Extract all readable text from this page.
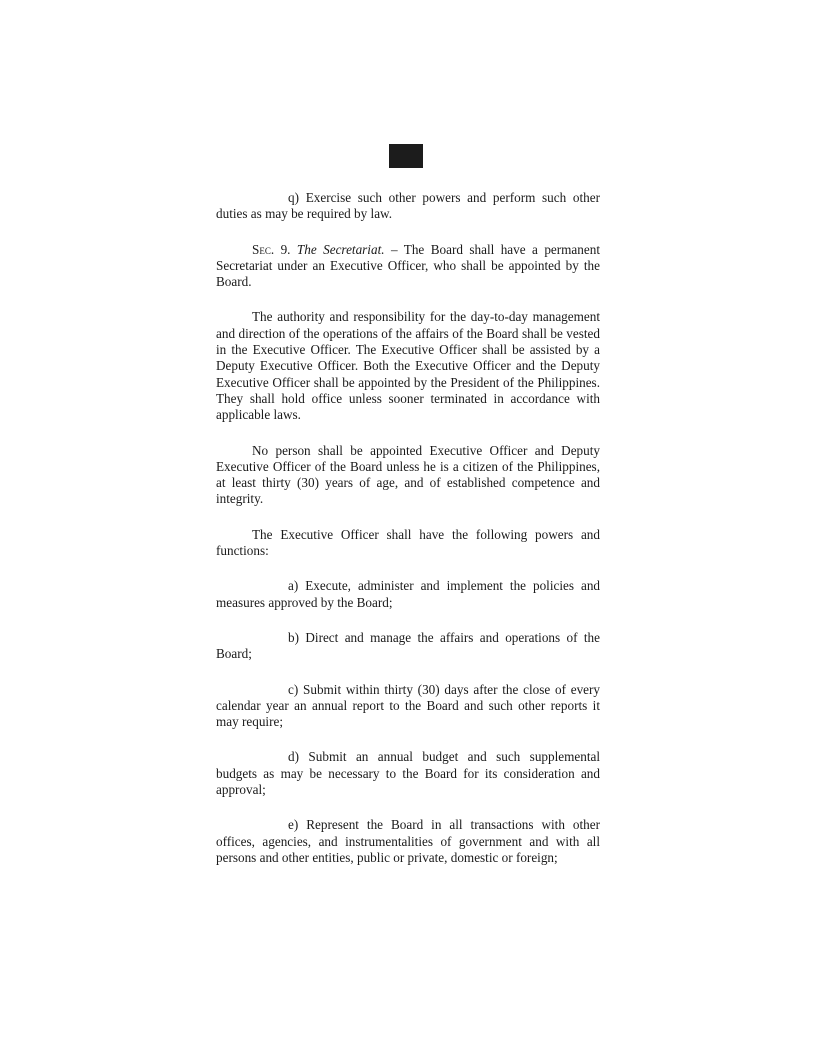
q) Exercise such other powers and perform such other duties as may be required by law.

Sec. 9. The Secretariat. – The Board shall have a permanent Secretariat under an Executive Officer, who shall be appointed by the Board.

The authority and responsibility for the day-to-day management and direction of the operations of the affairs of the Board shall be vested in the Executive Officer. The Executive Officer shall be assisted by a Deputy Executive Officer. Both the Executive Officer and the Deputy Executive Officer shall be appointed by the President of the Philippines. They shall hold office unless sooner terminated in accordance with applicable laws.

No person shall be appointed Executive Officer and Deputy Executive Officer of the Board unless he is a citizen of the Philippines, at least thirty (30) years of age, and of established competence and integrity.

The Executive Officer shall have the following powers and functions:

a) Execute, administer and implement the policies and measures approved by the Board;

b) Direct and manage the affairs and operations of the Board;

c) Submit within thirty (30) days after the close of every calendar year an annual report to the Board and such other reports it may require;

d) Submit an annual budget and such supplemental budgets as may be necessary to the Board for its consideration and approval;

e) Represent the Board in all transactions with other offices, agencies, and instrumentalities of government and with all persons and other entities, public or private, domestic or foreign;
